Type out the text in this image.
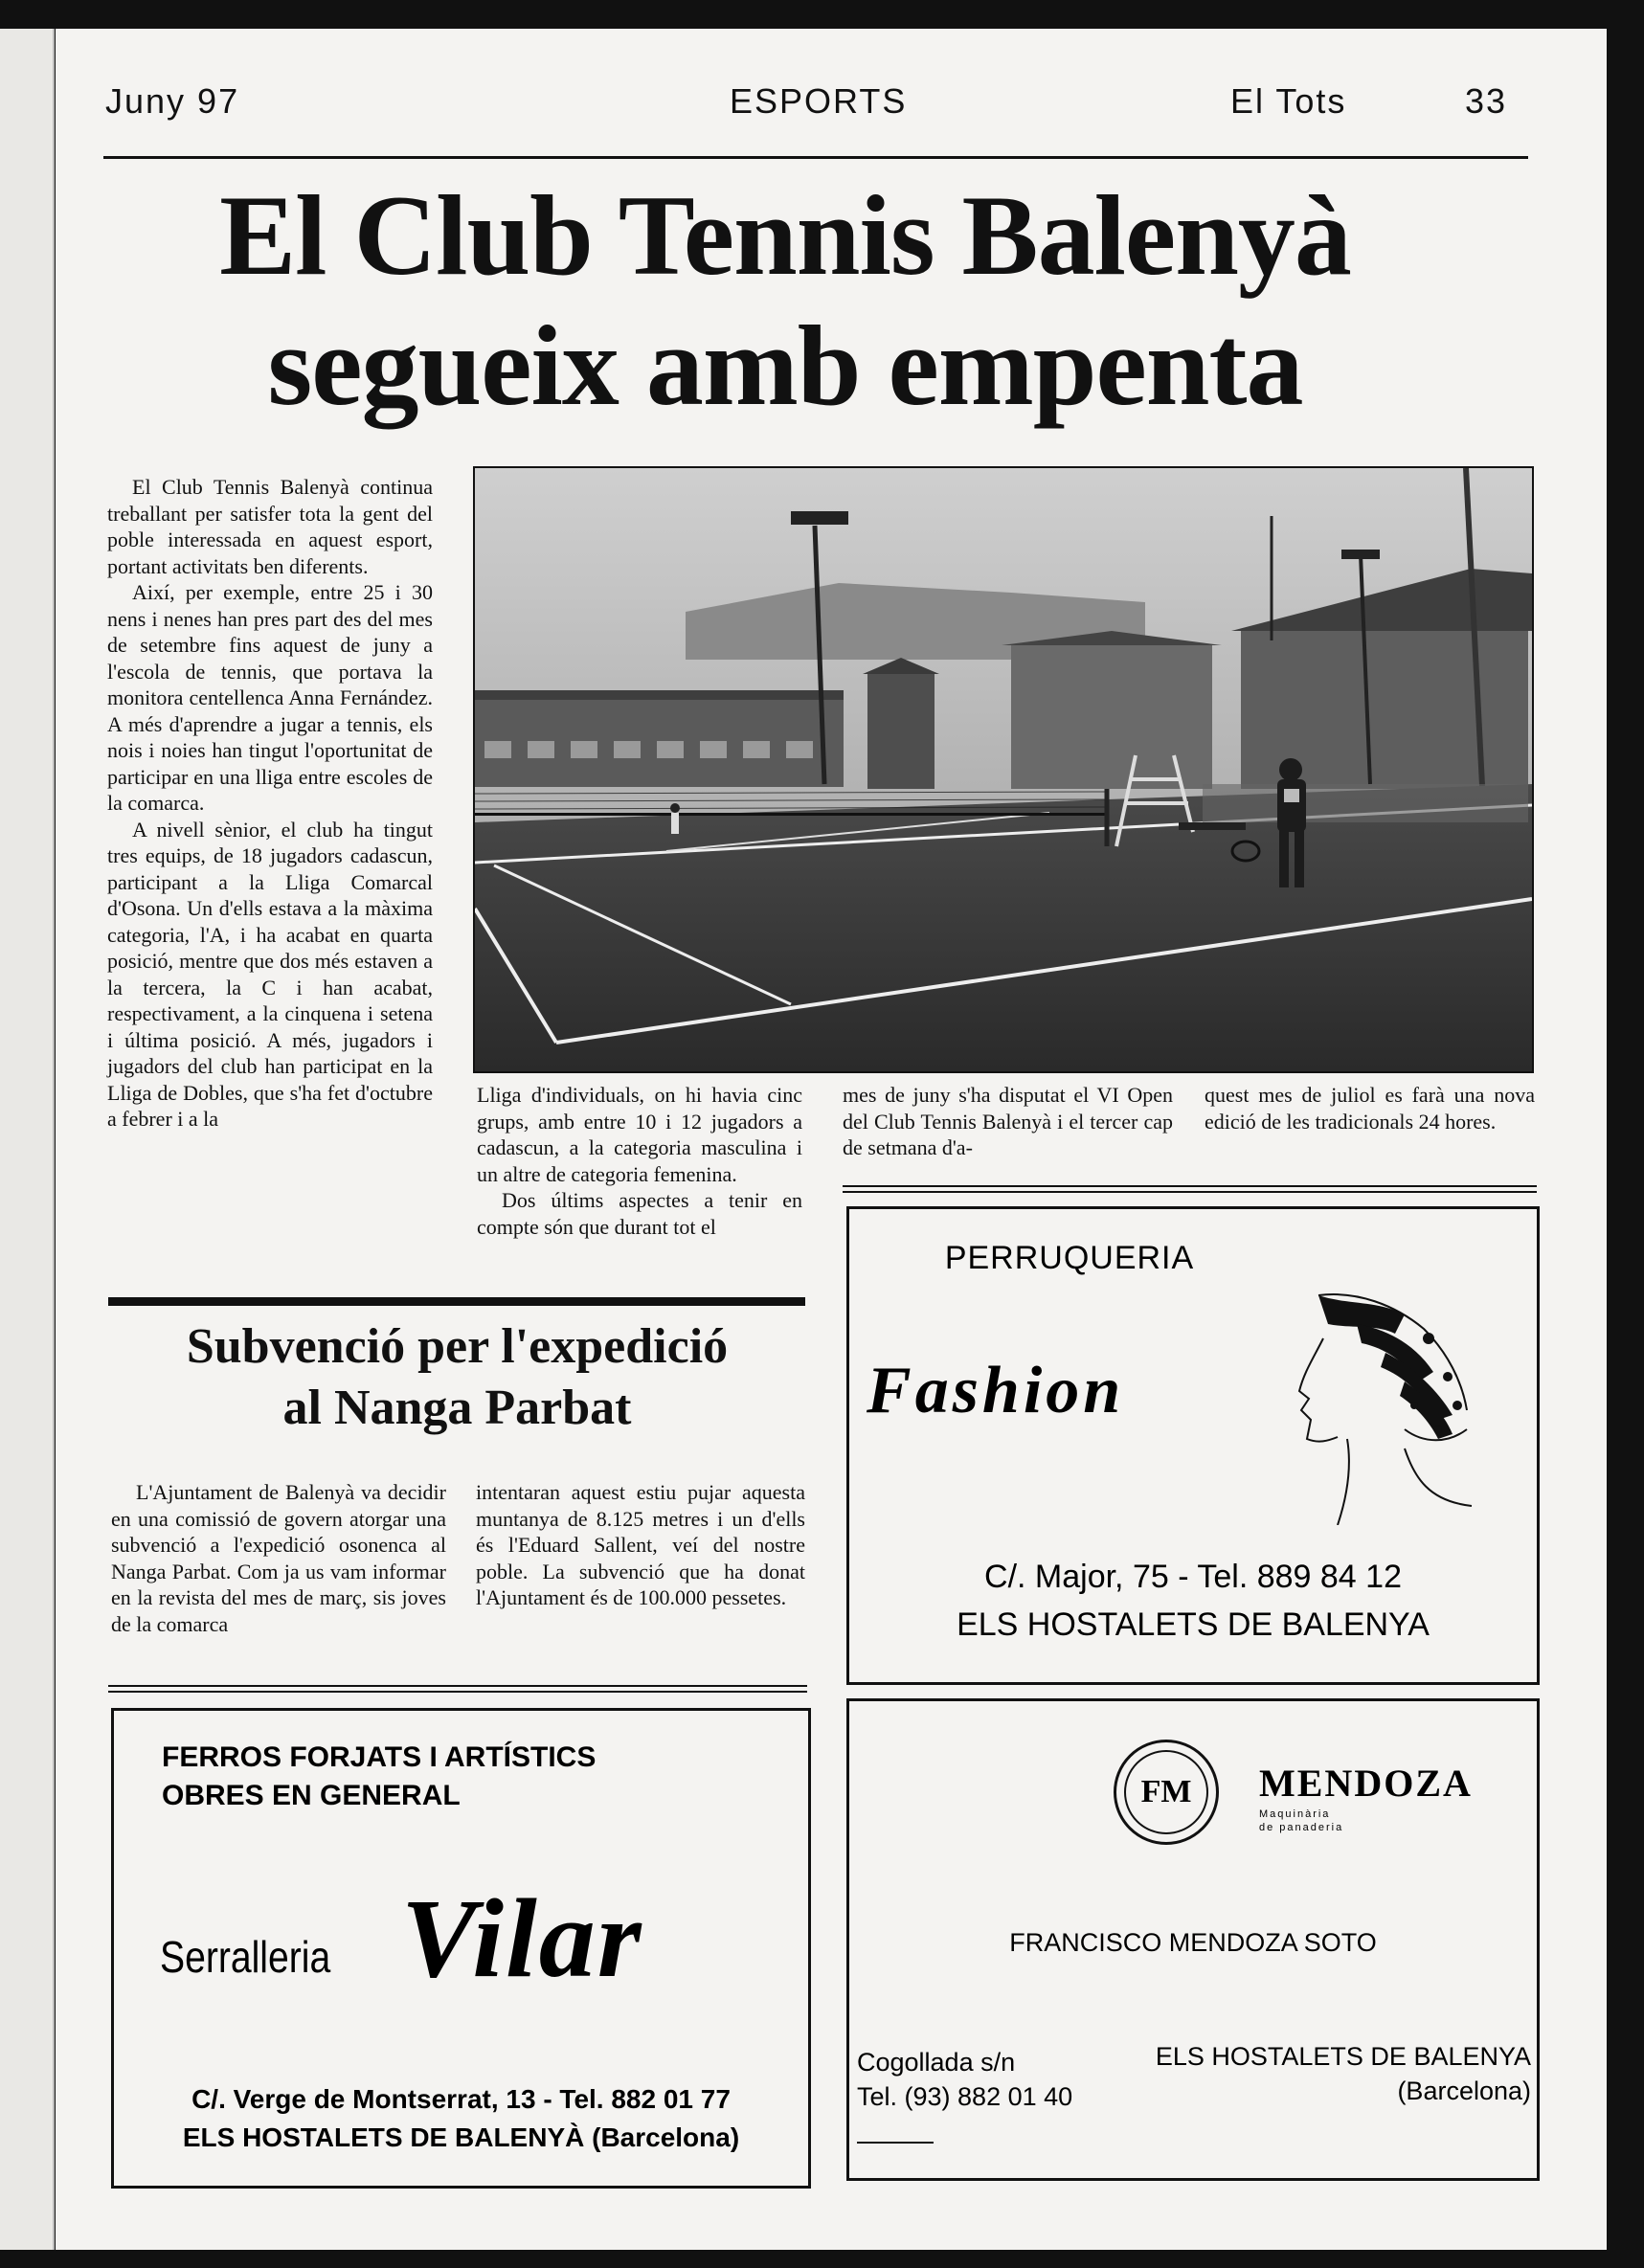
Juny 97	ESPORTS	El Tots	33
El Club Tennis Balenyà
segueix amb empenta

El Club Tennis Balenyà continua treballant per satisfer tota la gent del poble interessada en aquest esport, portant activitats ben diferents.

Així, per exemple, entre 25 i 30 nens i nenes han pres part des del mes de setembre fins aquest de juny a l'escola de tennis, que portava la monitora centellenca Anna Fernández. A més d'aprendre a jugar a tennis, els nois i noies han tingut l'oportunitat de participar en una lliga entre escoles de la comarca.

A nivell sènior, el club ha tingut tres equips, de 18 jugadors cadascun, participant a la Lliga Comarcal d'Osona. Un d'ells estava a la màxima categoria, l'A, i ha acabat en quarta posició, mentre que dos més estaven a la tercera, la C i han acabat, respectivament, a la cinquena i setena i última posició. A més, jugadors i jugadors del club han participat en la Lliga de Dobles, que s'ha fet d'octubre a febrer i a la

Lliga d'individuals, on hi havia cinc grups, amb entre 10 i 12 jugadors a cadascun, a la categoria masculina i un altre de categoria femenina.

Dos últims aspectes a tenir en compte són que durant tot el

mes de juny s'ha disputat el VI Open del Club Tennis Balenyà i el tercer cap de setmana d'a-
quest mes de juliol es farà una nova edició de les tradicionals 24 hores.
Subvenció per l'expedició
al Nanga Parbat

L'Ajuntament de Balenyà va decidir en una comissió de govern atorgar una subvenció a l'expedició osonenca al Nanga Parbat. Com ja us vam informar en la revista del mes de març, sis joves de la comarca

intentaran aquest estiu pujar aquesta muntanya de 8.125 metres i un d'ells és l'Eduard Sallent, veí del nostre poble. La subvenció que ha donat l'Ajuntament és de 100.000 pessetes.

PERRUQUERIA
Fashion
C/. Major, 75 - Tel. 889 84 12
ELS HOSTALETS DE BALENYA
FERROS FORJATS I ARTÍSTICS
OBRES EN GENERAL
Serralleria Vilar
C/. Verge de Montserrat, 13 - Tel. 882 01 77
ELS HOSTALETS DE BALENYÀ (Barcelona)
FM	MENDOZA
Maquinària
de panaderia
FRANCISCO MENDOZA SOTO
Cogollada s/n
Tel. (93) 882 01 40
ELS HOSTALETS DE BALENYA
(Barcelona)
